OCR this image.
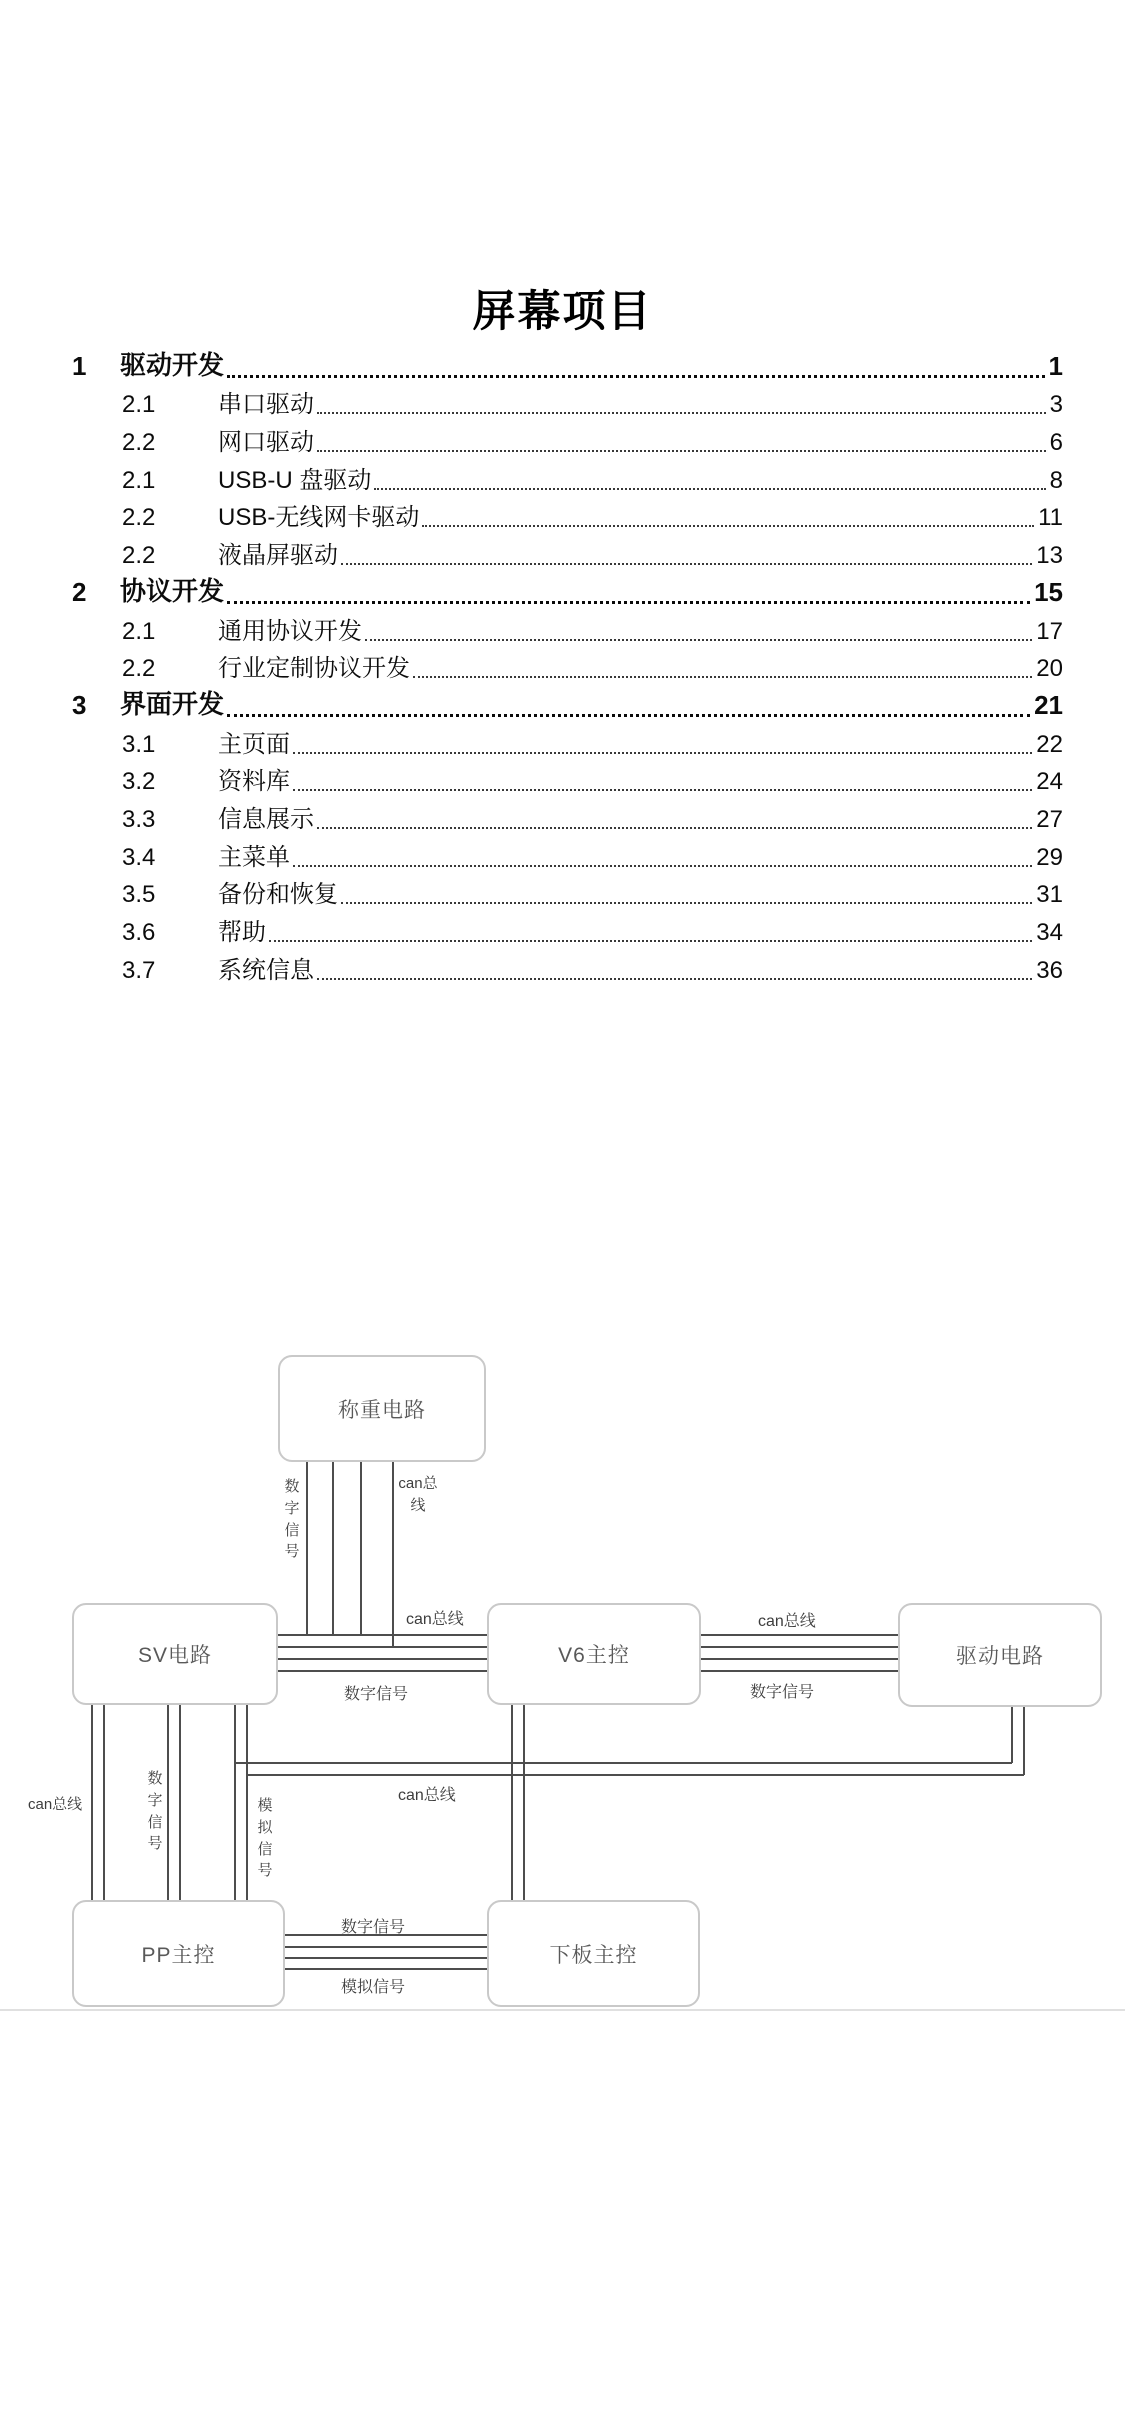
屏幕项目
1	驱动开发	1
2.1	串口驱动	3
2.2	网口驱动	6
2.1	USB-U 盘驱动	8
2.2	USB-无线网卡驱动	11
2.2	液晶屏驱动	13
2	协议开发	15
2.1	通用协议开发	17
2.2	行业定制协议开发	20
3	界面开发	21
3.1	主页面	22
3.2	资料库	24
3.3	信息展示	27
3.4	主菜单	29
3.5	备份和恢复	31
3.6	帮助	34
3.7	系统信息	36
称重电路
SV电路	V6主控	驱动电路
PP主控	下板主控
数字信号
can总线
can总线
数字信号
can总线
数字信号
can总线
数字信号
模拟信号
can总线
数字信号
模拟信号
